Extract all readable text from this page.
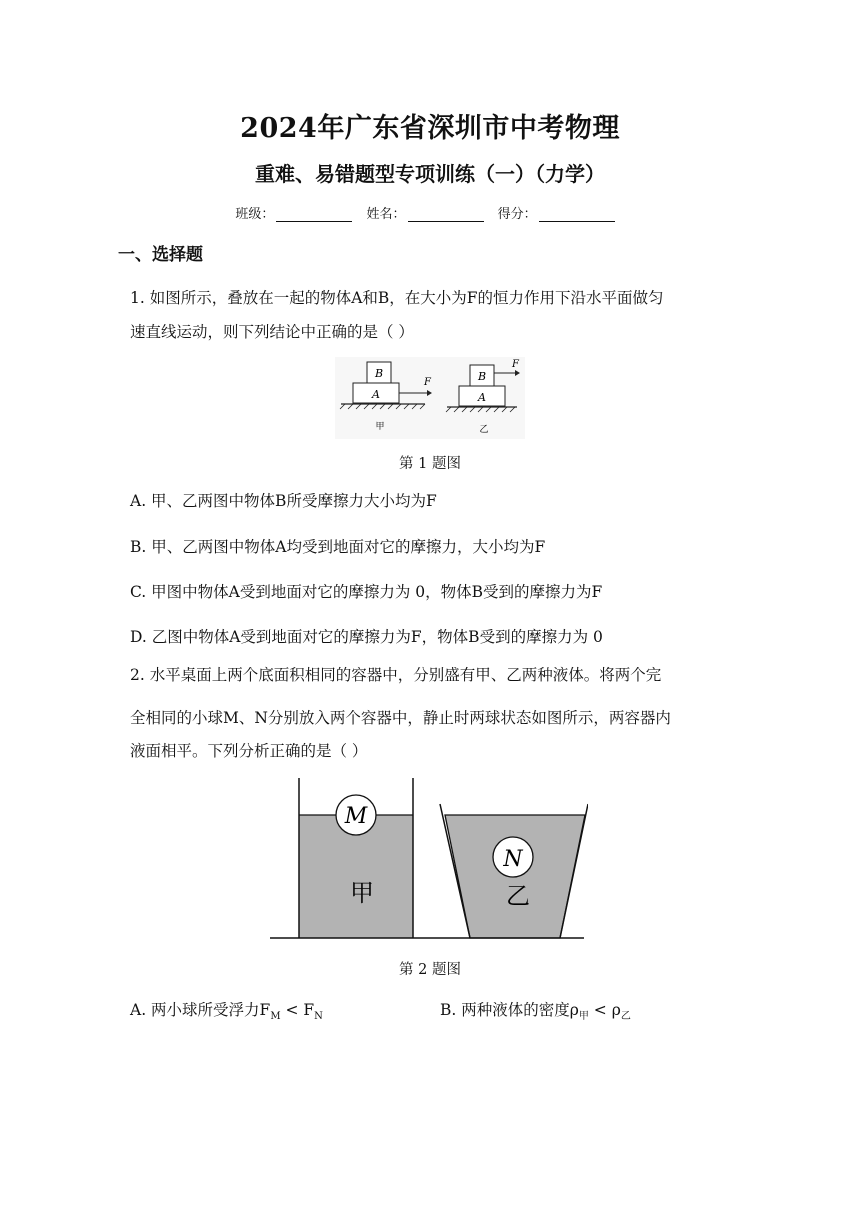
2024年广东省深圳市中考物理
重难、易错题型专项训练（一）（力学）
班级：	姓名：	得分：
一、选择题
1. 如图所示，叠放在一起的物体A和B，在大小为F的恒力作用下沿水平面做匀
速直线运动，则下列结论中正确的是（ ）
B
A
F
甲
B
F
A
乙
第 1 题图
A. 甲、乙两图中物体B所受摩擦力大小均为F
B. 甲、乙两图中物体A均受到地面对它的摩擦力，大小均为F
C. 甲图中物体A受到地面对它的摩擦力为 0，物体B受到的摩擦力为F
D. 乙图中物体A受到地面对它的摩擦力为F，物体B受到的摩擦力为 0
2. 水平桌面上两个底面积相同的容器中，分别盛有甲、乙两种液体。将两个完
全相同的小球M、N分别放入两个容器中，静止时两球状态如图所示，两容器内
液面相平。下列分析正确的是（ ）
M
甲
N
乙
第 2 题图
A. 两小球所受浮力$F_M < F_N$	B. 两种液体的密度$\rho_甲 < \rho_乙$
